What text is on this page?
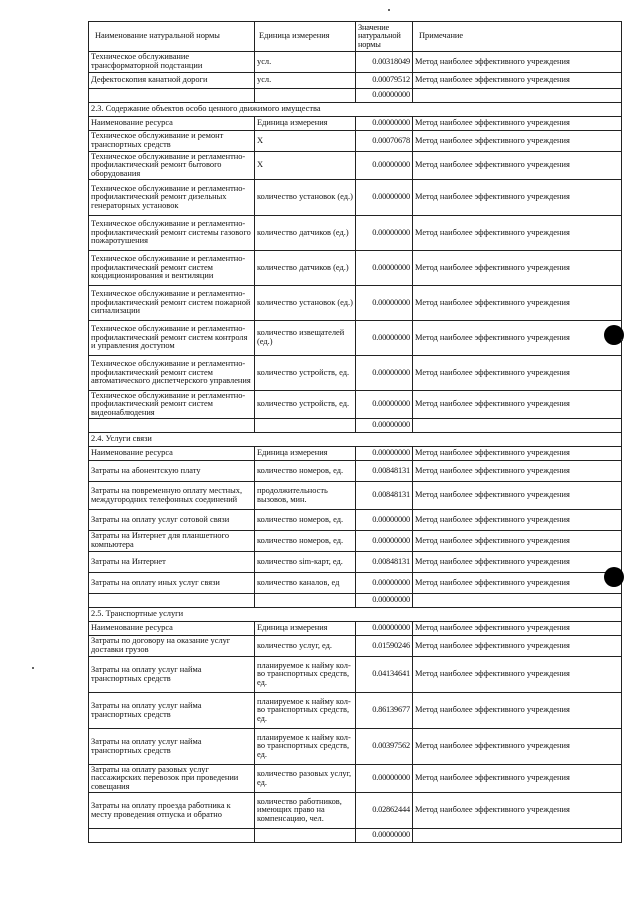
Наименование натуральной нормы	Единица измерения	Значение натуральной нормы	Примечание
Техническое обслуживание трансформаторной подстанции	усл.	0.00318049	Метод наиболее эффективного учреждения
Дефектоскопия канатной дороги	усл.	0.00079512	Метод наиболее эффективного учреждения
		0.00000000	
2.3. Содержание объектов особо ценного движимого имущества			
Наименование ресурса	Единица измерения	0.00000000	Метод наиболее эффективного учреждения
Техническое обслуживание и ремонт транспортных средств	Х	0.00070678	Метод наиболее эффективного учреждения
Техническое обслуживание и регламентно-профилактический ремонт бытового оборудования	Х	0.00000000	Метод наиболее эффективного учреждения
Техническое обслуживание и регламентно-профилактический ремонт дизельных генераторных установок	количество установок (ед.)	0.00000000	Метод наиболее эффективного учреждения
Техническое обслуживание и регламентно-профилактический ремонт системы газового пожаротушения	количество датчиков (ед.)	0.00000000	Метод наиболее эффективного учреждения
Техническое обслуживание и регламентно-профилактический ремонт систем кондиционирования и вентиляции	количество датчиков (ед.)	0.00000000	Метод наиболее эффективного учреждения
Техническое обслуживание и регламентно-профилактический ремонт систем пожарной сигнализации	количество установок (ед.)	0.00000000	Метод наиболее эффективного учреждения
Техническое обслуживание и регламентно-профилактический ремонт систем контроля и управления доступом	количество извещателей (ед.)	0.00000000	Метод наиболее эффективного учреждения
Техническое обслуживание и регламентно-профилактический ремонт систем автоматического диспетчерского управления	количество устройств, ед.	0.00000000	Метод наиболее эффективного учреждения
Техническое обслуживание и регламентно-профилактический ремонт систем видеонаблюдения	количество устройств, ед.	0.00000000	Метод наиболее эффективного учреждения
		0.00000000	
2.4. Услуги связи			
Наименование ресурса	Единица измерения	0.00000000	Метод наиболее эффективного учреждения
Затраты на абонентскую плату	количество номеров, ед.	0.00848131	Метод наиболее эффективного учреждения
Затраты на повременную оплату местных, междугородних телефонных соединений	продолжительность вызовов, мин.	0.00848131	Метод наиболее эффективного учреждения
Затраты на оплату услуг сотовой связи	количество номеров, ед.	0.00000000	Метод наиболее эффективного учреждения
Затраты на Интернет для планшетного компьютера	количество номеров, ед.	0.00000000	Метод наиболее эффективного учреждения
Затраты на Интернет	количество sim-карт, ед.	0.00848131	Метод наиболее эффективного учреждения
Затраты на оплату иных услуг связи	количество каналов, ед	0.00000000	Метод наиболее эффективного учреждения
		0.00000000	
2.5. Транспортные услуги			
Наименование ресурса	Единица измерения	0.00000000	Метод наиболее эффективного учреждения
Затраты по договору на оказание услуг доставки грузов	количество услуг, ед.	0.01590246	Метод наиболее эффективного учреждения
Затраты на оплату услуг найма транспортных средств	планируемое к найму кол-во транспортных средств, ед.	0.04134641	Метод наиболее эффективного учреждения
Затраты на оплату услуг найма транспортных средств	планируемое к найму кол-во транспортных средств, ед.	0.86139677	Метод наиболее эффективного учреждения
Затраты на оплату услуг найма транспортных средств	планируемое к найму кол-во транспортных средств, ед.	0.00397562	Метод наиболее эффективного учреждения
Затраты на оплату разовых услуг пассажирских перевозок при проведении совещания	количество разовых услуг, ед.	0.00000000	Метод наиболее эффективного учреждения
Затраты на оплату проезда работника к месту проведения отпуска и обратно	количество работников, имеющих право на компенсацию, чел.	0.02862444	Метод наиболее эффективного учреждения
		0.00000000	
